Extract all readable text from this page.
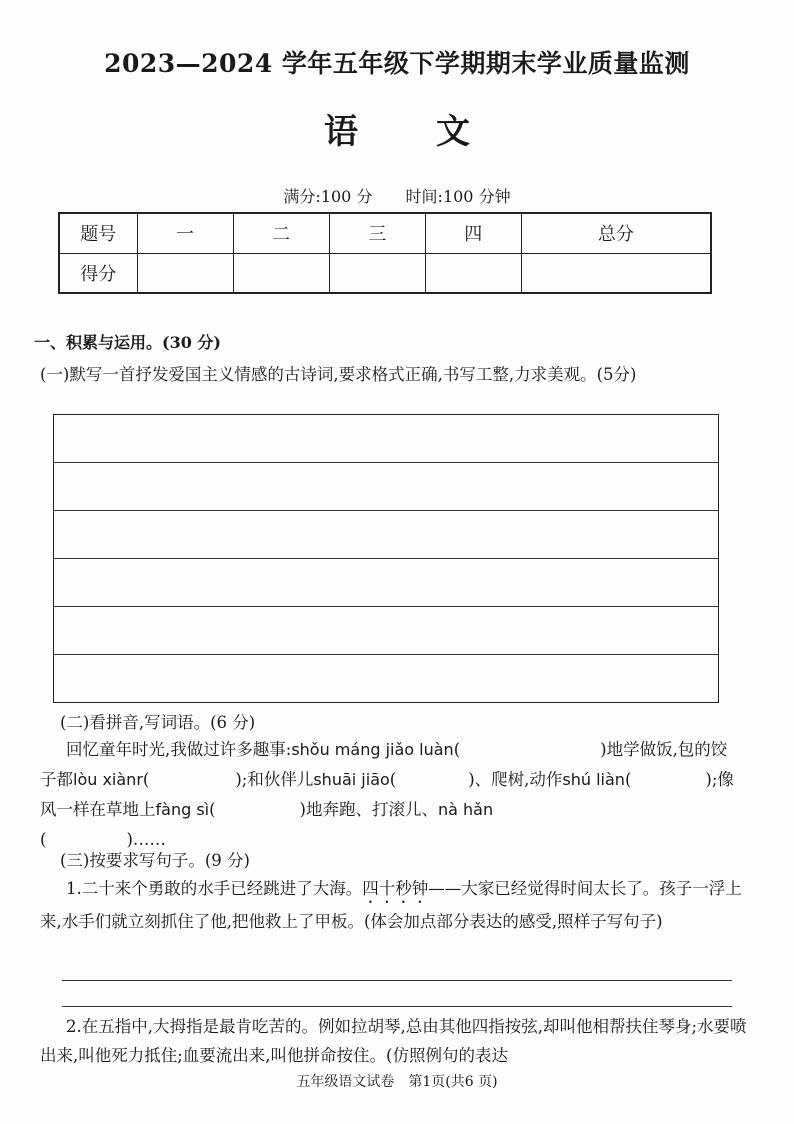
2023—2024 学年五年级下学期期末学业质量监测
语文
满分:100 分 时间:100 分钟
题号	一	二	三	四	总分
得分					
一、积累与运用。(30 分)
(一)默写一首抒发爱国主义情感的古诗词,要求格式正确,书写工整,力求美观。(5分)
(二)看拼音,写词语。(6 分)
回忆童年时光,我做过许多趣事:shǒu máng jiǎo luàn(	)地学做饭,包的饺子都lòu xiànr(	);和伙伴儿shuāi jiāo(	)、爬树,动作shú liàn(	);像风一样在草地上fàng sì(	)地奔跑、打滚儿、nà hǎn
(	)……
(三)按要求写句子。(9 分)
1.二十来个勇敢的水手已经跳进了大海。四十秒钟——大家已经觉得时间太长了。孩子一浮上来,水手们就立刻抓住了他,把他救上了甲板。(体会加点部分表达的感受,照样子写句子)
2.在五指中,大拇指是最肯吃苦的。例如拉胡琴,总由其他四指按弦,却叫他相帮扶住琴身;水要喷出来,叫他死力抵住;血要流出来,叫他拼命按住。(仿照例句的表达
五年级语文试卷　第1页(共6 页)
